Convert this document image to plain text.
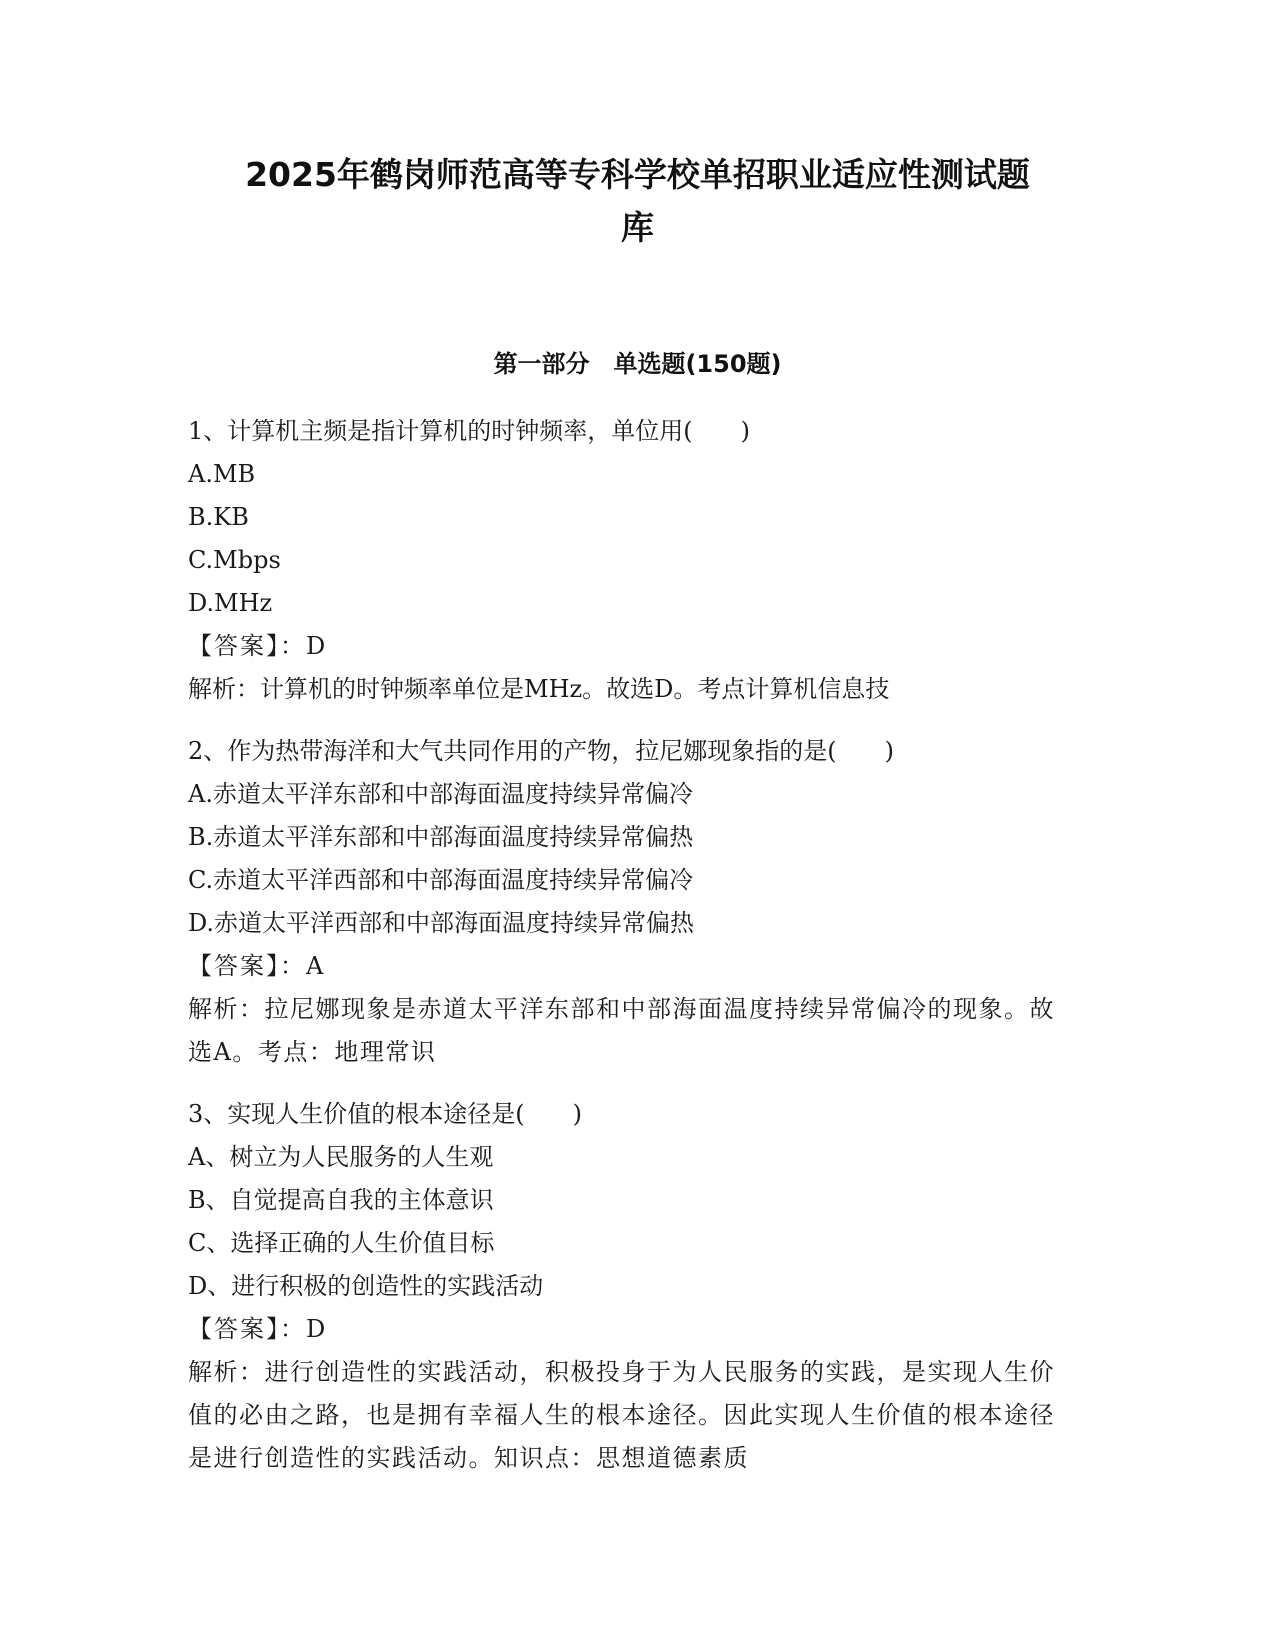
2025年鹤岗师范高等专科学校单招职业适应性测试题
库
第一部分　单选题(150题)
1、计算机主频是指计算机的时钟频率，单位用(　　)
A.MB
B.KB
C.Mbps
D.MHz
【答案】：D
解析：计算机的时钟频率单位是MHz。故选D。考点计算机信息技
2、作为热带海洋和大气共同作用的产物，拉尼娜现象指的是(　　)
A.赤道太平洋东部和中部海面温度持续异常偏冷
B.赤道太平洋东部和中部海面温度持续异常偏热
C.赤道太平洋西部和中部海面温度持续异常偏冷
D.赤道太平洋西部和中部海面温度持续异常偏热
【答案】：A
解析：拉尼娜现象是赤道太平洋东部和中部海面温度持续异常偏冷的现象。故选A。考点：地理常识
3、实现人生价值的根本途径是(　　)
A、树立为人民服务的人生观
B、自觉提高自我的主体意识
C、选择正确的人生价值目标
D、进行积极的创造性的实践活动
【答案】：D
解析：进行创造性的实践活动，积极投身于为人民服务的实践，是实现人生价值的必由之路，也是拥有幸福人生的根本途径。因此实现人生价值的根本途径是进行创造性的实践活动。知识点：思想道德素质
